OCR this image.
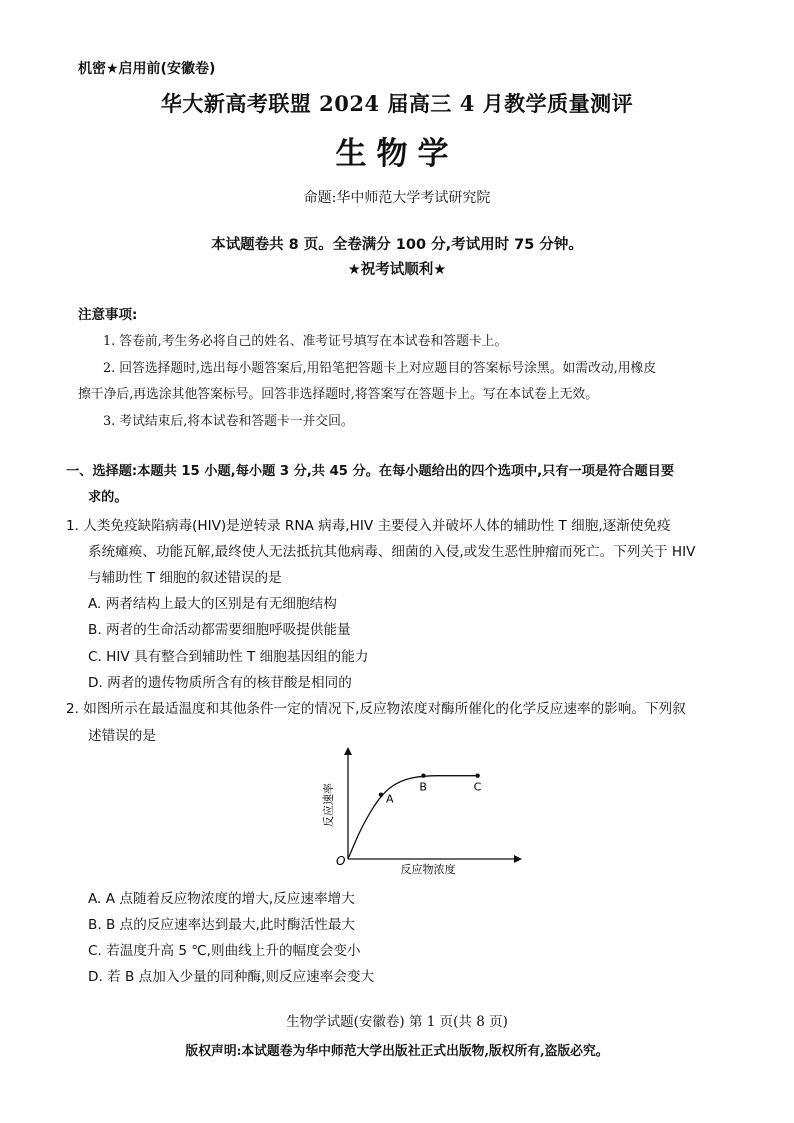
机密★启用前(安徽卷)
华大新高考联盟 2024 届高三 4 月教学质量测评
生物学
命题:华中师范大学考试研究院
本试题卷共 8 页。全卷满分 100 分,考试用时 75 分钟。
★祝考试顺利★
注意事项:
1. 答卷前,考生务必将自己的姓名、准考证号填写在本试卷和答题卡上。
2. 回答选择题时,选出每小题答案后,用铅笔把答题卡上对应题目的答案标号涂黑。如需改动,用橡皮
擦干净后,再选涂其他答案标号。回答非选择题时,将答案写在答题卡上。写在本试卷上无效。
3. 考试结束后,将本试卷和答题卡一并交回。
一、选择题:本题共 15 小题,每小题 3 分,共 45 分。在每小题给出的四个选项中,只有一项是符合题目要
求的。
1. 人类免疫缺陷病毒(HIV)是逆转录 RNA 病毒,HIV 主要侵入并破坏人体的辅助性 T 细胞,逐渐使免疫
系统瘫痪、功能瓦解,最终使人无法抵抗其他病毒、细菌的入侵,或发生恶性肿瘤而死亡。下列关于 HIV
与辅助性 T 细胞的叙述错误的是
A. 两者结构上最大的区别是有无细胞结构
B. 两者的生命活动都需要细胞呼吸提供能量
C. HIV 具有整合到辅助性 T 细胞基因组的能力
D. 两者的遗传物质所含有的核苷酸是相同的
2. 如图所示在最适温度和其他条件一定的情况下,反应物浓度对酶所催化的化学反应速率的影响。下列叙
述错误的是
O
反应物浓度
反应速率	A
B	C
A. A 点随着反应物浓度的增大,反应速率增大
B. B 点的反应速率达到最大,此时酶活性最大
C. 若温度升高 5 ℃,则曲线上升的幅度会变小
D. 若 B 点加入少量的同种酶,则反应速率会变大
生物学试题(安徽卷) 第 1 页(共 8 页)
版权声明:本试题卷为华中师范大学出版社正式出版物,版权所有,盗版必究。
